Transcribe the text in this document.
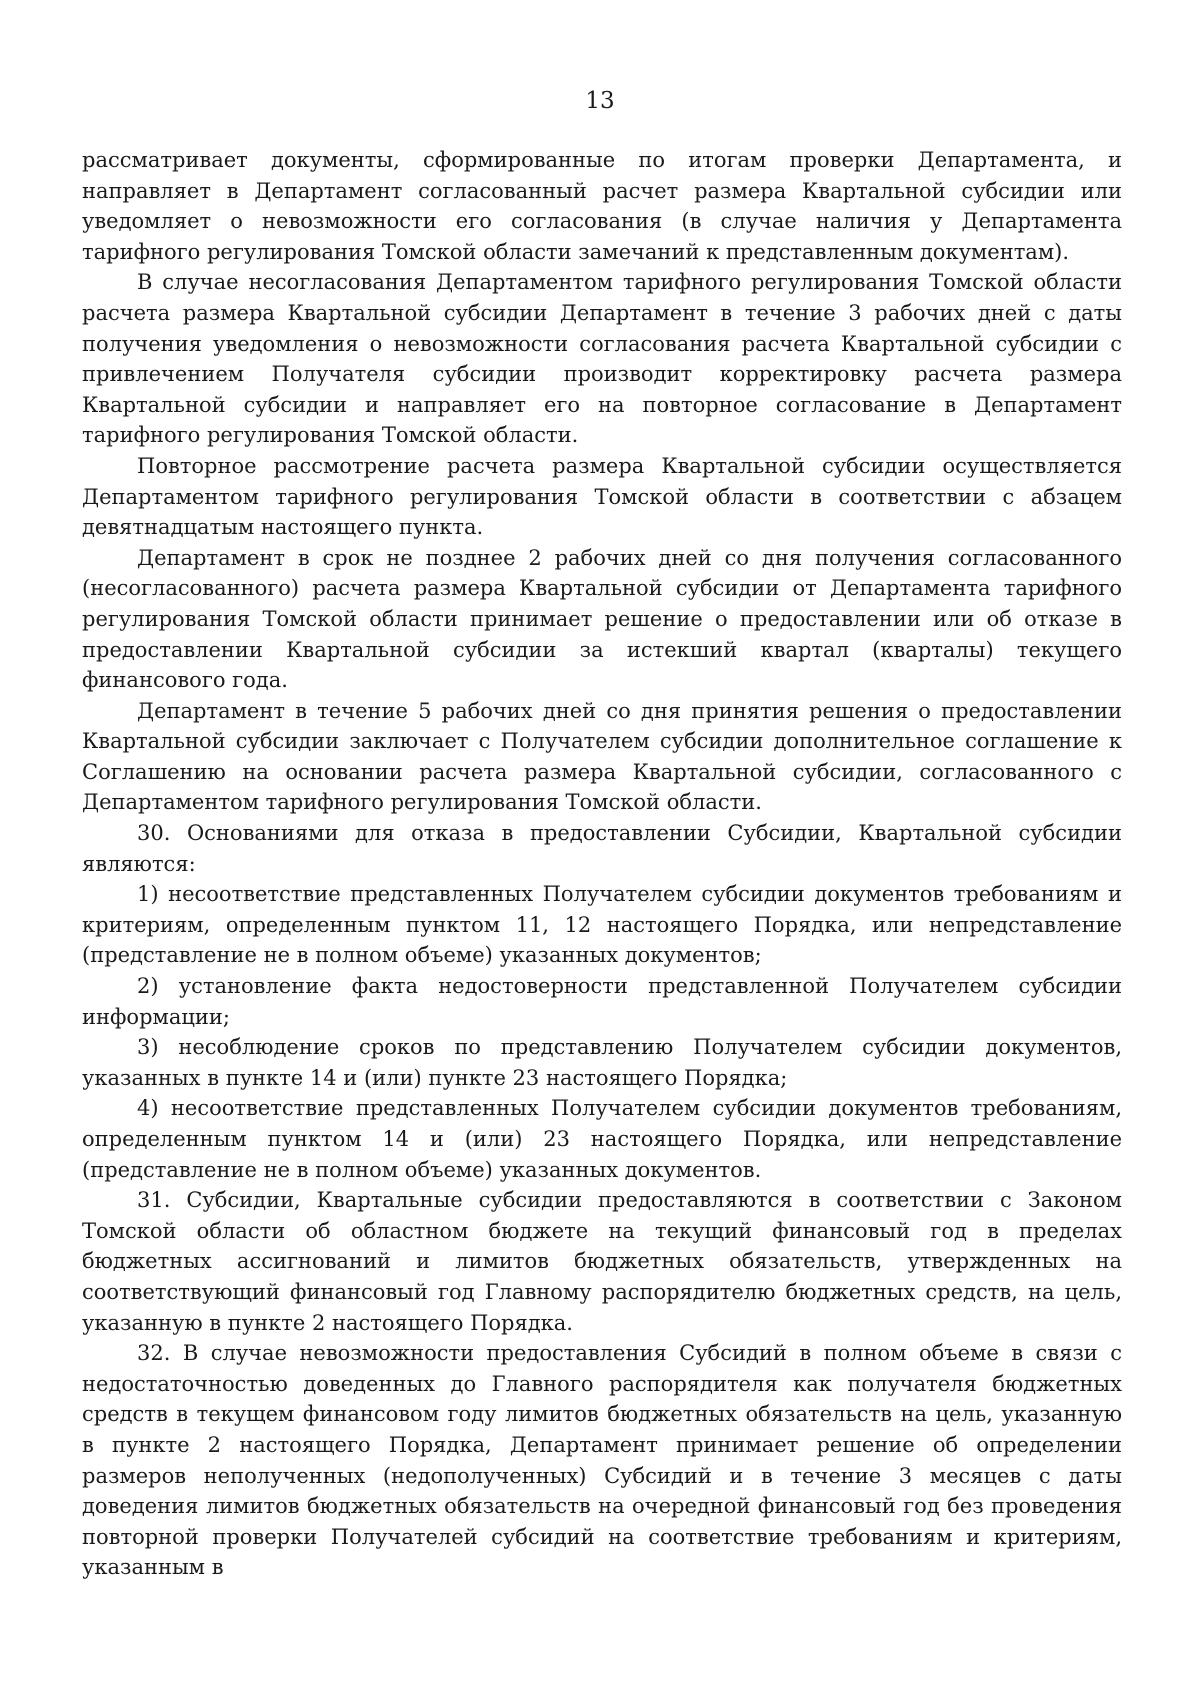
13

рассматривает документы, сформированные по итогам проверки Департамента, и направляет в Департамент согласованный расчет размера Квартальной субсидии или уведомляет о невозможности его согласования (в случае наличия у Департамента тарифного регулирования Томской области замечаний к представленным документам).

В случае несогласования Департаментом тарифного регулирования Томской области расчета размера Квартальной субсидии Департамент в течение 3 рабочих дней с даты получения уведомления о невозможности согласования расчета Квартальной субсидии с привлечением Получателя субсидии производит корректировку расчета размера Квартальной субсидии и направляет его на повторное согласование в Департамент тарифного регулирования Томской области.

Повторное рассмотрение расчета размера Квартальной субсидии осуществляется Департаментом тарифного регулирования Томской области в соответствии с абзацем девятнадцатым настоящего пункта.

Департамент в срок не позднее 2 рабочих дней со дня получения согласованного (несогласованного) расчета размера Квартальной субсидии от Департамента тарифного регулирования Томской области принимает решение о предоставлении или об отказе в предоставлении Квартальной субсидии за истекший квартал (кварталы) текущего финансового года.

Департамент в течение 5 рабочих дней со дня принятия решения о предоставлении Квартальной субсидии заключает с Получателем субсидии дополнительное соглашение к Соглашению на основании расчета размера Квартальной субсидии, согласованного с Департаментом тарифного регулирования Томской области.

30. Основаниями для отказа в предоставлении Субсидии, Квартальной субсидии являются:

1) несоответствие представленных Получателем субсидии документов требованиям и критериям, определенным пунктом 11, 12 настоящего Порядка, или непредставление (представление не в полном объеме) указанных документов;

2) установление факта недостоверности представленной Получателем субсидии информации;

3) несоблюдение сроков по представлению Получателем субсидии документов, указанных в пункте 14 и (или) пункте 23 настоящего Порядка;

4) несоответствие представленных Получателем субсидии документов требованиям, определенным пунктом 14 и (или) 23 настоящего Порядка, или непредставление (представление не в полном объеме) указанных документов.

31. Субсидии, Квартальные субсидии предоставляются в соответствии с Законом Томской области об областном бюджете на текущий финансовый год в пределах бюджетных ассигнований и лимитов бюджетных обязательств, утвержденных на соответствующий финансовый год Главному распорядителю бюджетных средств, на цель, указанную в пункте 2 настоящего Порядка.

32. В случае невозможности предоставления Субсидий в полном объеме в связи с недостаточностью доведенных до Главного распорядителя как получателя бюджетных средств в текущем финансовом году лимитов бюджетных обязательств на цель, указанную в пункте 2 настоящего Порядка, Департамент принимает решение об определении размеров неполученных (недополученных) Субсидий и в течение 3 месяцев с даты доведения лимитов бюджетных обязательств на очередной финансовый год без проведения повторной проверки Получателей субсидий на соответствие требованиям и критериям, указанным в
